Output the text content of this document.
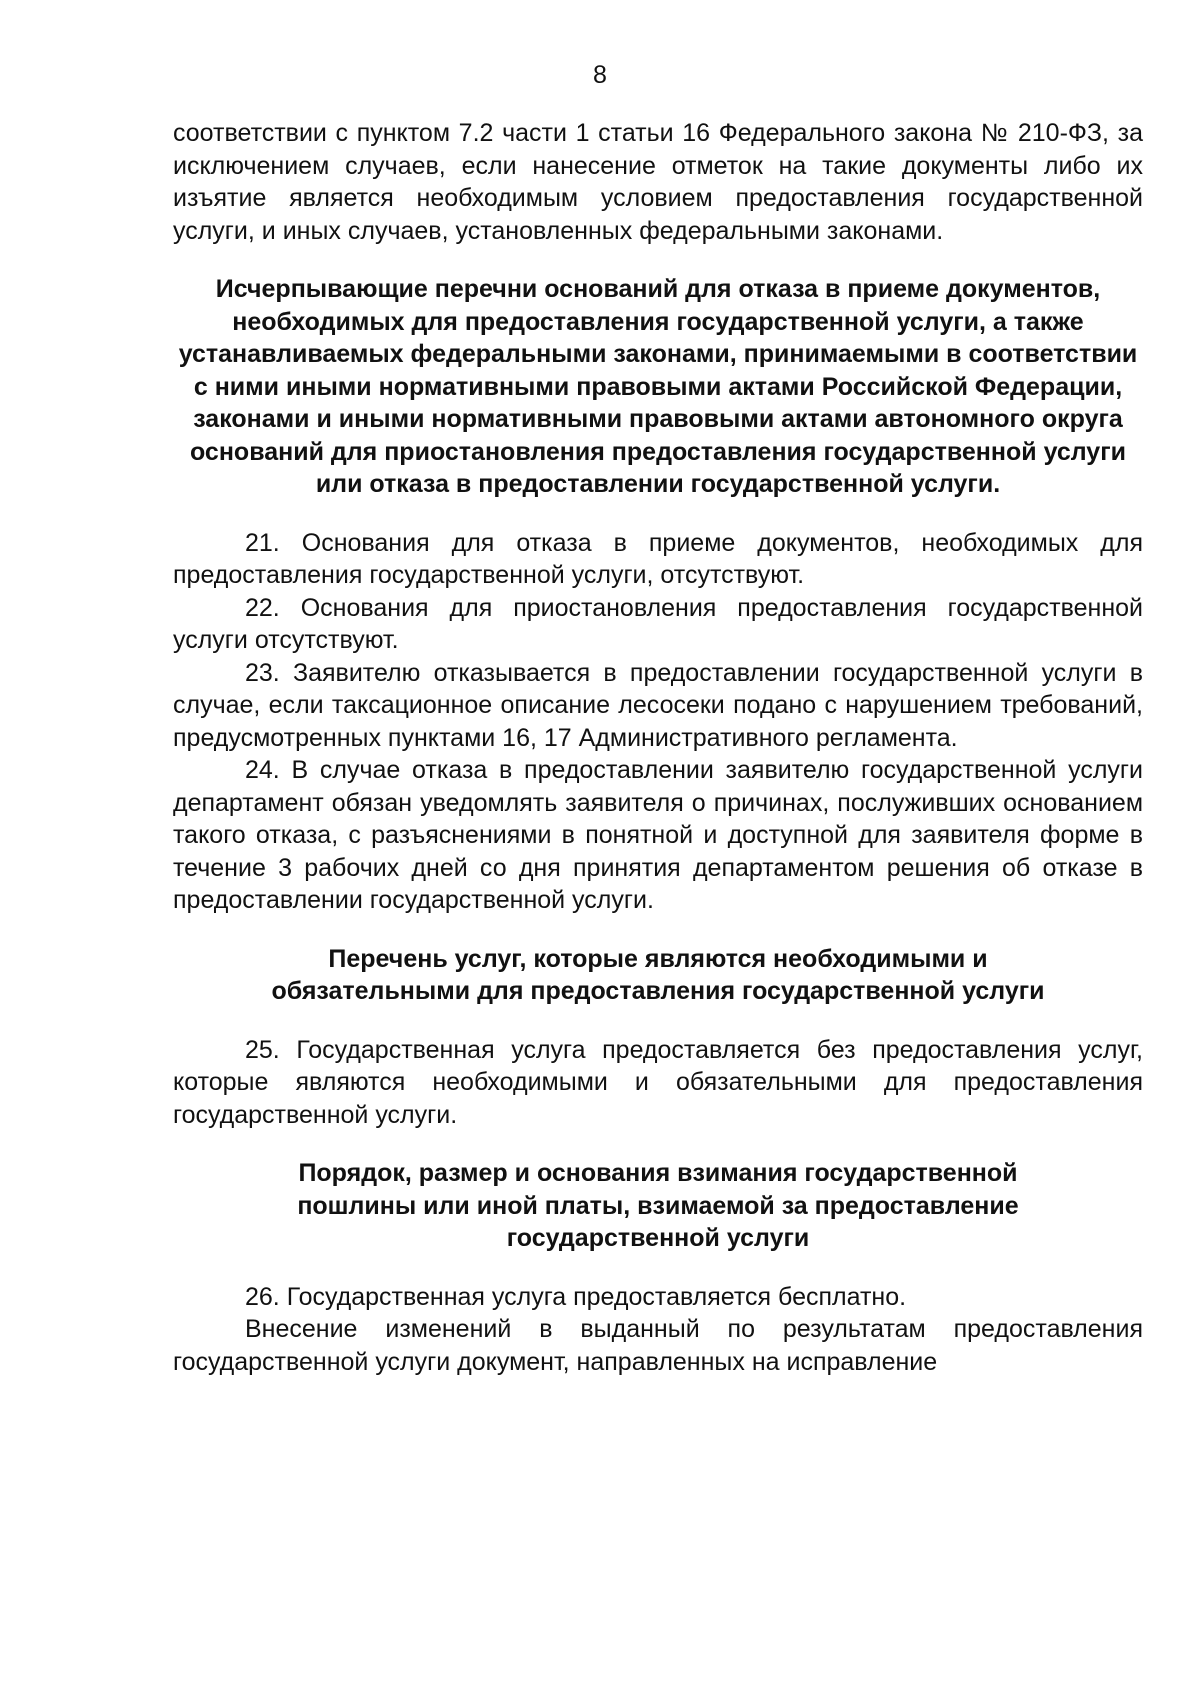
8

соответствии с пунктом 7.2 части 1 статьи 16 Федерального закона № 210-ФЗ, за исключением случаев, если нанесение отметок на такие документы либо их изъятие является необходимым условием предоставления государственной услуги, и иных случаев, установленных федеральными законами.

Исчерпывающие перечни оснований для отказа в приеме документов, необходимых для предоставления государственной услуги, а также устанавливаемых федеральными законами, принимаемыми в соответствии с ними иными нормативными правовыми актами Российской Федерации, законами и иными нормативными правовыми актами автономного округа оснований для приостановления предоставления государственной услуги или отказа в предоставлении государственной услуги.

21. Основания для отказа в приеме документов, необходимых для предоставления государственной услуги, отсутствуют.

22. Основания для приостановления предоставления государственной услуги отсутствуют.

23. Заявителю отказывается в предоставлении государственной услуги в случае, если таксационное описание лесосеки подано с нарушением требований, предусмотренных пунктами 16, 17 Административного регламента.

24. В случае отказа в предоставлении заявителю государственной услуги департамент обязан уведомлять заявителя о причинах, послуживших основанием такого отказа, с разъяснениями в понятной и доступной для заявителя форме в течение 3 рабочих дней со дня принятия департаментом решения об отказе в предоставлении государственной услуги.

Перечень услуг, которые являются необходимыми и обязательными для предоставления государственной услуги

25. Государственная услуга предоставляется без предоставления услуг, которые являются необходимыми и обязательными для предоставления государственной услуги.

Порядок, размер и основания взимания государственной пошлины или иной платы, взимаемой за предоставление государственной услуги

26. Государственная услуга предоставляется бесплатно.

Внесение изменений в выданный по результатам предоставления государственной услуги документ, направленных на исправление
